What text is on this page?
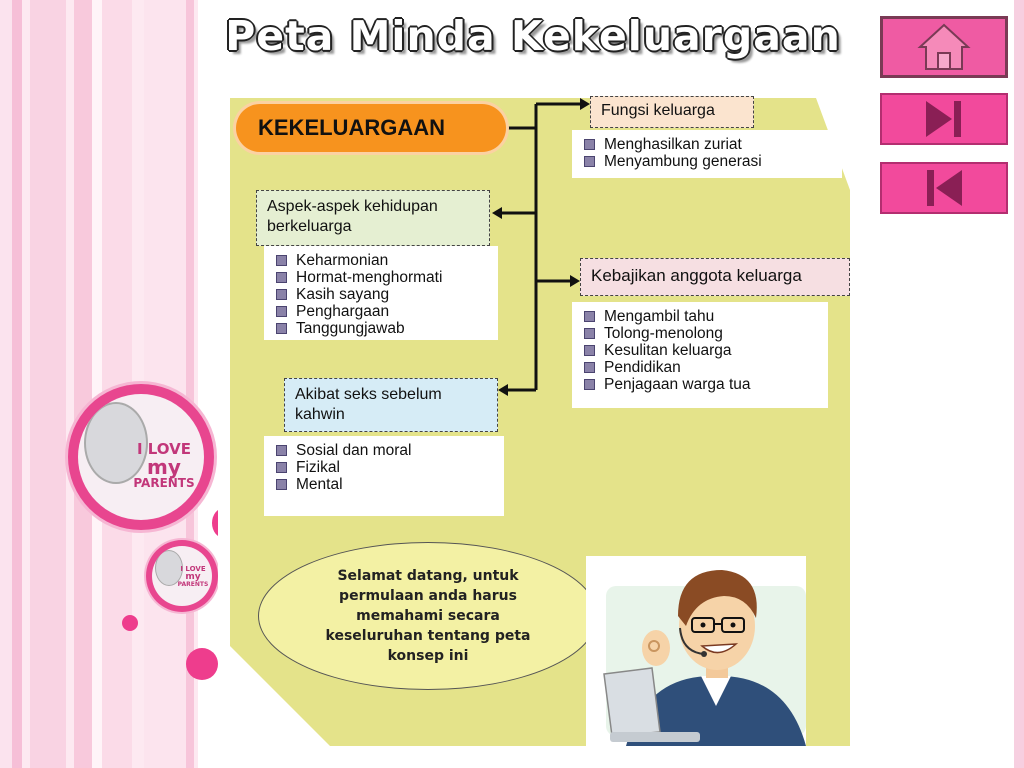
Peta Minda Kekeluargaan
I LOVE
my
PARENTS
I LOVE
my
PARENTS
KEKELUARGAAN
Fungsi keluarga
Menghasilkan zuriat
Menyambung generasi
Aspek-aspek kehidupan
berkeluarga
Keharmonian
Hormat-menghormati
Kasih sayang
Penghargaan
Tanggungjawab
Kebajikan anggota keluarga
Mengambil tahu
Tolong-menolong
Kesulitan keluarga
Pendidikan
Penjagaan warga tua
Akibat seks sebelum
kahwin
Sosial dan moral
Fizikal
Mental
Selamat datang, untuk
permulaan anda harus
memahami secara
keseluruhan tentang peta
konsep ini
